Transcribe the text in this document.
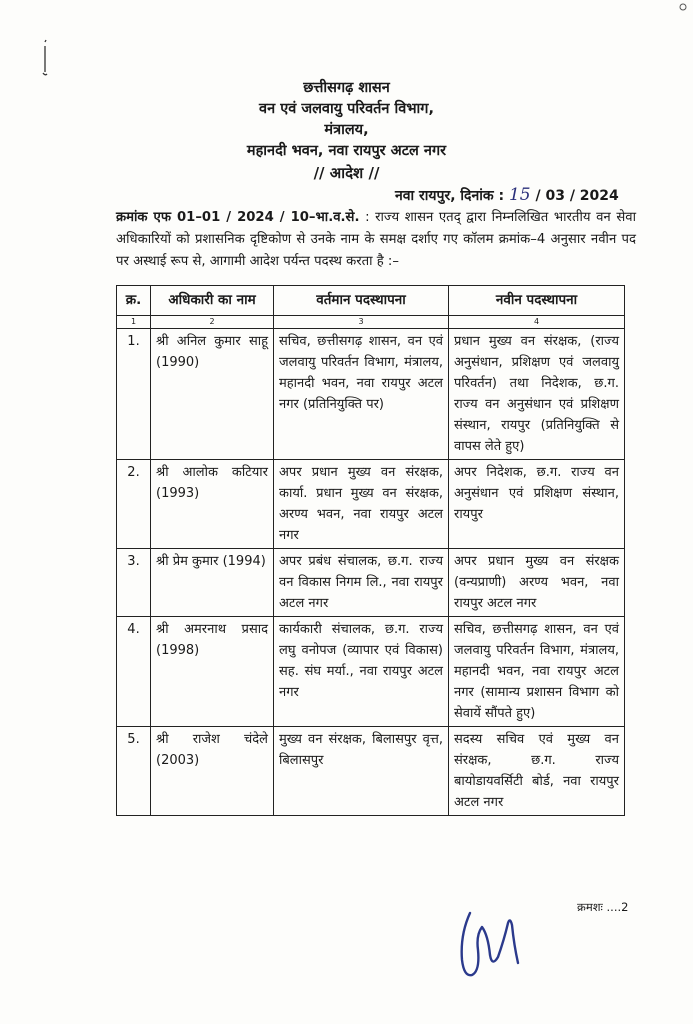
छत्तीसगढ़ शासन
वन एवं जलवायु परिवर्तन विभाग,
मंत्रालय,
महानदी भवन, नवा रायपुर अटल नगर
// आदेश //
नवा रायपुर, दिनांक : 15 / 03 / 2024
क्रमांक एफ 01–01 / 2024 / 10–भा.व.से. : राज्य शासन एतद् द्वारा निम्नलिखित भारतीय वन सेवा अधिकारियों को प्रशासनिक दृष्टिकोण से उनके नाम के समक्ष दर्शाए गए कॉलम क्रमांक–4 अनुसार नवीन पद पर अस्थाई रूप से, आगामी आदेश पर्यन्त पदस्थ करता है :–
क्र.	अधिकारी का नाम	वर्तमान पदस्थापना	नवीन पदस्थापना
1	2	3	4
1.	श्री अनिल कुमार साहू (1990)	सचिव, छत्तीसगढ़ शासन, वन एवं जलवायु परिवर्तन विभाग, मंत्रालय, महानदी भवन, नवा रायपुर अटल नगर (प्रतिनियुक्ति पर)	प्रधान मुख्य वन संरक्षक, (राज्य अनुसंधान, प्रशिक्षण एवं जलवायु परिवर्तन) तथा निदेशक, छ.ग. राज्य वन अनुसंधान एवं प्रशिक्षण संस्थान, रायपुर (प्रतिनियुक्ति से वापस लेते हुए)
2.	श्री आलोक कटियार (1993)	अपर प्रधान मुख्य वन संरक्षक, कार्या. प्रधान मुख्य वन संरक्षक, अरण्य भवन, नवा रायपुर अटल नगर	अपर निदेशक, छ.ग. राज्य वन अनुसंधान एवं प्रशिक्षण संस्थान, रायपुर
3.	श्री प्रेम कुमार (1994)	अपर प्रबंध संचालक, छ.ग. राज्य वन विकास निगम लि., नवा रायपुर अटल नगर	अपर प्रधान मुख्य वन संरक्षक (वन्यप्राणी) अरण्य भवन, नवा रायपुर अटल नगर
4.	श्री अमरनाथ प्रसाद (1998)	कार्यकारी संचालक, छ.ग. राज्य लघु वनोपज (व्यापार एवं विकास) सह. संघ मर्या., नवा रायपुर अटल नगर	सचिव, छत्तीसगढ़ शासन, वन एवं जलवायु परिवर्तन विभाग, मंत्रालय, महानदी भवन, नवा रायपुर अटल नगर (सामान्य प्रशासन विभाग को सेवायें सौंपते हुए)
5.	श्री राजेश चंदेले (2003)	मुख्य वन संरक्षक, बिलासपुर वृत्त, बिलासपुर	सदस्य सचिव एवं मुख्य वन संरक्षक, छ.ग. राज्य बायोडायवर्सिटी बोर्ड, नवा रायपुर अटल नगर
क्रमशः ....2
